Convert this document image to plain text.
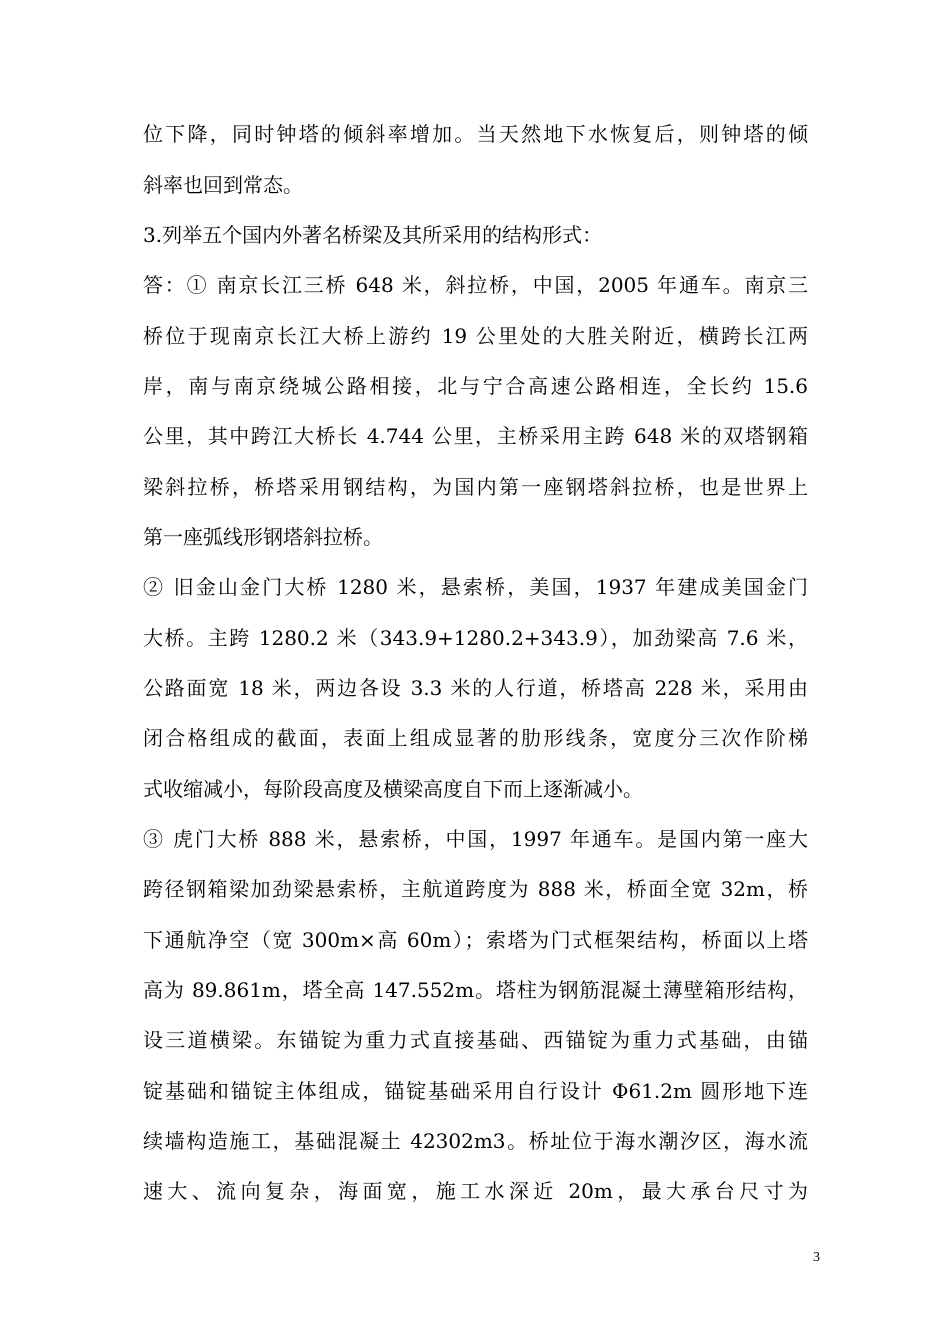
位下降，同时钟塔的倾斜率增加。当天然地下水恢复后，则钟塔的倾
斜率也回到常态。
3.列举五个国内外著名桥梁及其所采用的结构形式：
答：① 南京长江三桥 648 米，斜拉桥，中国，2005 年通车。南京三
桥位于现南京长江大桥上游约 19 公里处的大胜关附近，横跨长江两
岸，南与南京绕城公路相接，北与宁合高速公路相连，全长约 15.6
公里，其中跨江大桥长 4.744 公里，主桥采用主跨 648 米的双塔钢箱
梁斜拉桥，桥塔采用钢结构，为国内第一座钢塔斜拉桥，也是世界上
第一座弧线形钢塔斜拉桥。
② 旧金山金门大桥 1280 米，悬索桥，美国，1937 年建成美国金门
大桥。主跨 1280.2 米（343.9+1280.2+343.9），加劲梁高 7.6 米，
公路面宽 18 米，两边各设 3.3 米的人行道，桥塔高 228 米，采用由
闭合格组成的截面，表面上组成显著的肋形线条，宽度分三次作阶梯
式收缩减小，每阶段高度及横梁高度自下而上逐渐减小。
③ 虎门大桥 888 米，悬索桥，中国，1997 年通车。是国内第一座大
跨径钢箱梁加劲梁悬索桥，主航道跨度为 888 米，桥面全宽 32m，桥
下通航净空（宽 300m×高 60m）；索塔为门式框架结构，桥面以上塔
高为 89.861m，塔全高 147.552m。塔柱为钢筋混凝土薄壁箱形结构，
设三道横梁。东锚锭为重力式直接基础、西锚锭为重力式基础，由锚
锭基础和锚锭主体组成，锚锭基础采用自行设计 Φ61.2m 圆形地下连
续墙构造施工，基础混凝土 42302m3。桥址位于海水潮汐区，海水流
速大、流向复杂，海面宽，施工水深近 20m，最大承台尺寸为
3
